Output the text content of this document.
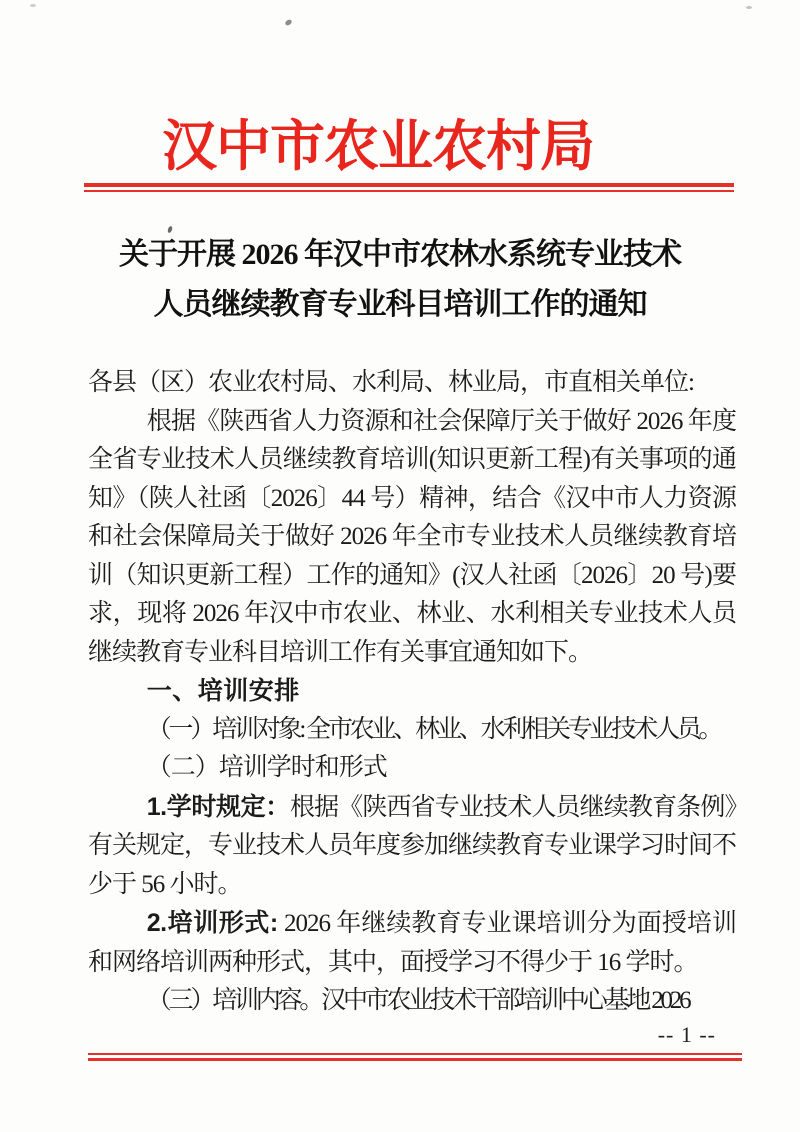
汉中市农业农村局
关于开展 2026 年汉中市农林水系统专业技术
人员继续教育专业科目培训工作的通知

各县（区）农业农村局、水利局、林业局，市直相关单位:

根据《陕西省人力资源和社会保障厅关于做好 2026 年度全省专业技术人员继续教育培训(知识更新工程)有关事项的通知》（陕人社函〔2026〕44 号）精神，结合《汉中市人力资源和社会保障局关于做好 2026 年全市专业技术人员继续教育培训（知识更新工程）工作的通知》(汉人社函〔2026〕20 号)要求，现将 2026 年汉中市农业、林业、水利相关专业技术人员继续教育专业科目培训工作有关事宜通知如下。

一、培训安排

（一）培训对象: 全市农业、林业、水利相关专业技术人员。

（二）培训学时和形式

1.学时规定：根据《陕西省专业技术人员继续教育条例》有关规定，专业技术人员年度参加继续教育专业课学习时间不少于 56 小时。

2.培训形式: 2026 年继续教育专业课培训分为面授培训和网络培训两种形式，其中，面授学习不得少于 16 学时。

（三）培训内容。汉中市农业技术干部培训中心基地 2026

-- 1 --
